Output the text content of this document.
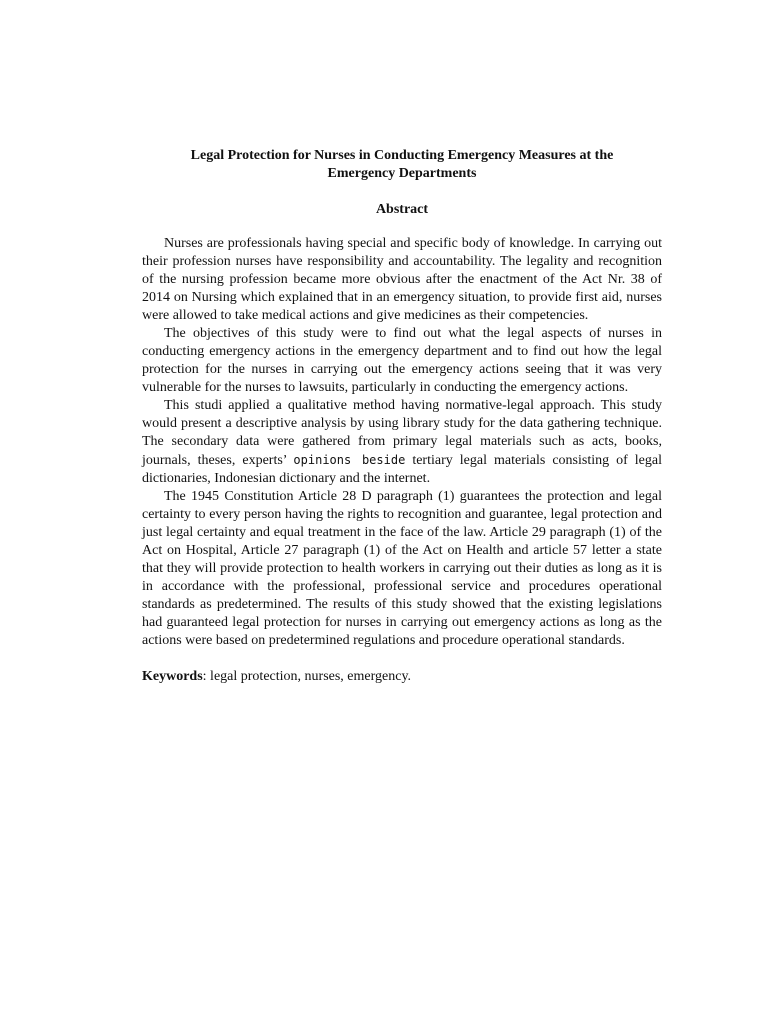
Legal Protection for Nurses in Conducting Emergency Measures at the
Emergency Departments

Abstract

Nurses are professionals having special and specific body of knowledge. In carrying out their profession nurses have responsibility and accountability. The legality and recognition of the nursing profession became more obvious after the enactment of the Act Nr. 38 of 2014 on Nursing which explained that in an emergency situation, to provide first aid, nurses were allowed to take medical actions and give medicines as their competencies.

The objectives of this study were to find out what the legal aspects of nurses in conducting emergency actions in the emergency department and to find out how the legal protection for the nurses in carrying out the emergency actions seeing that it was very vulnerable for the nurses to lawsuits, particularly in conducting the emergency actions.

This studi applied a qualitative method having normative-legal approach. This study would present a descriptive analysis by using library study for the data gathering technique. The secondary data were gathered from primary legal materials such as acts, books, journals, theses, experts’ opinions beside tertiary legal materials consisting of legal dictionaries, Indonesian dictionary and the internet.

The 1945 Constitution Article 28 D paragraph (1) guarantees the protection and legal certainty to every person having the rights to recognition and guarantee, legal protection and just legal certainty and equal treatment in the face of the law. Article 29 paragraph (1) of the Act on Hospital, Article 27 paragraph (1) of the Act on Health and article 57 letter a state that they will provide protection to health workers in carrying out their duties as long as it is in accordance with the professional, professional service and procedures operational standards as predetermined. The results of this study showed that the existing legislations had guaranteed legal protection for nurses in carrying out emergency actions as long as the actions were based on predetermined regulations and procedure operational standards.

Keywords: legal protection, nurses, emergency.
